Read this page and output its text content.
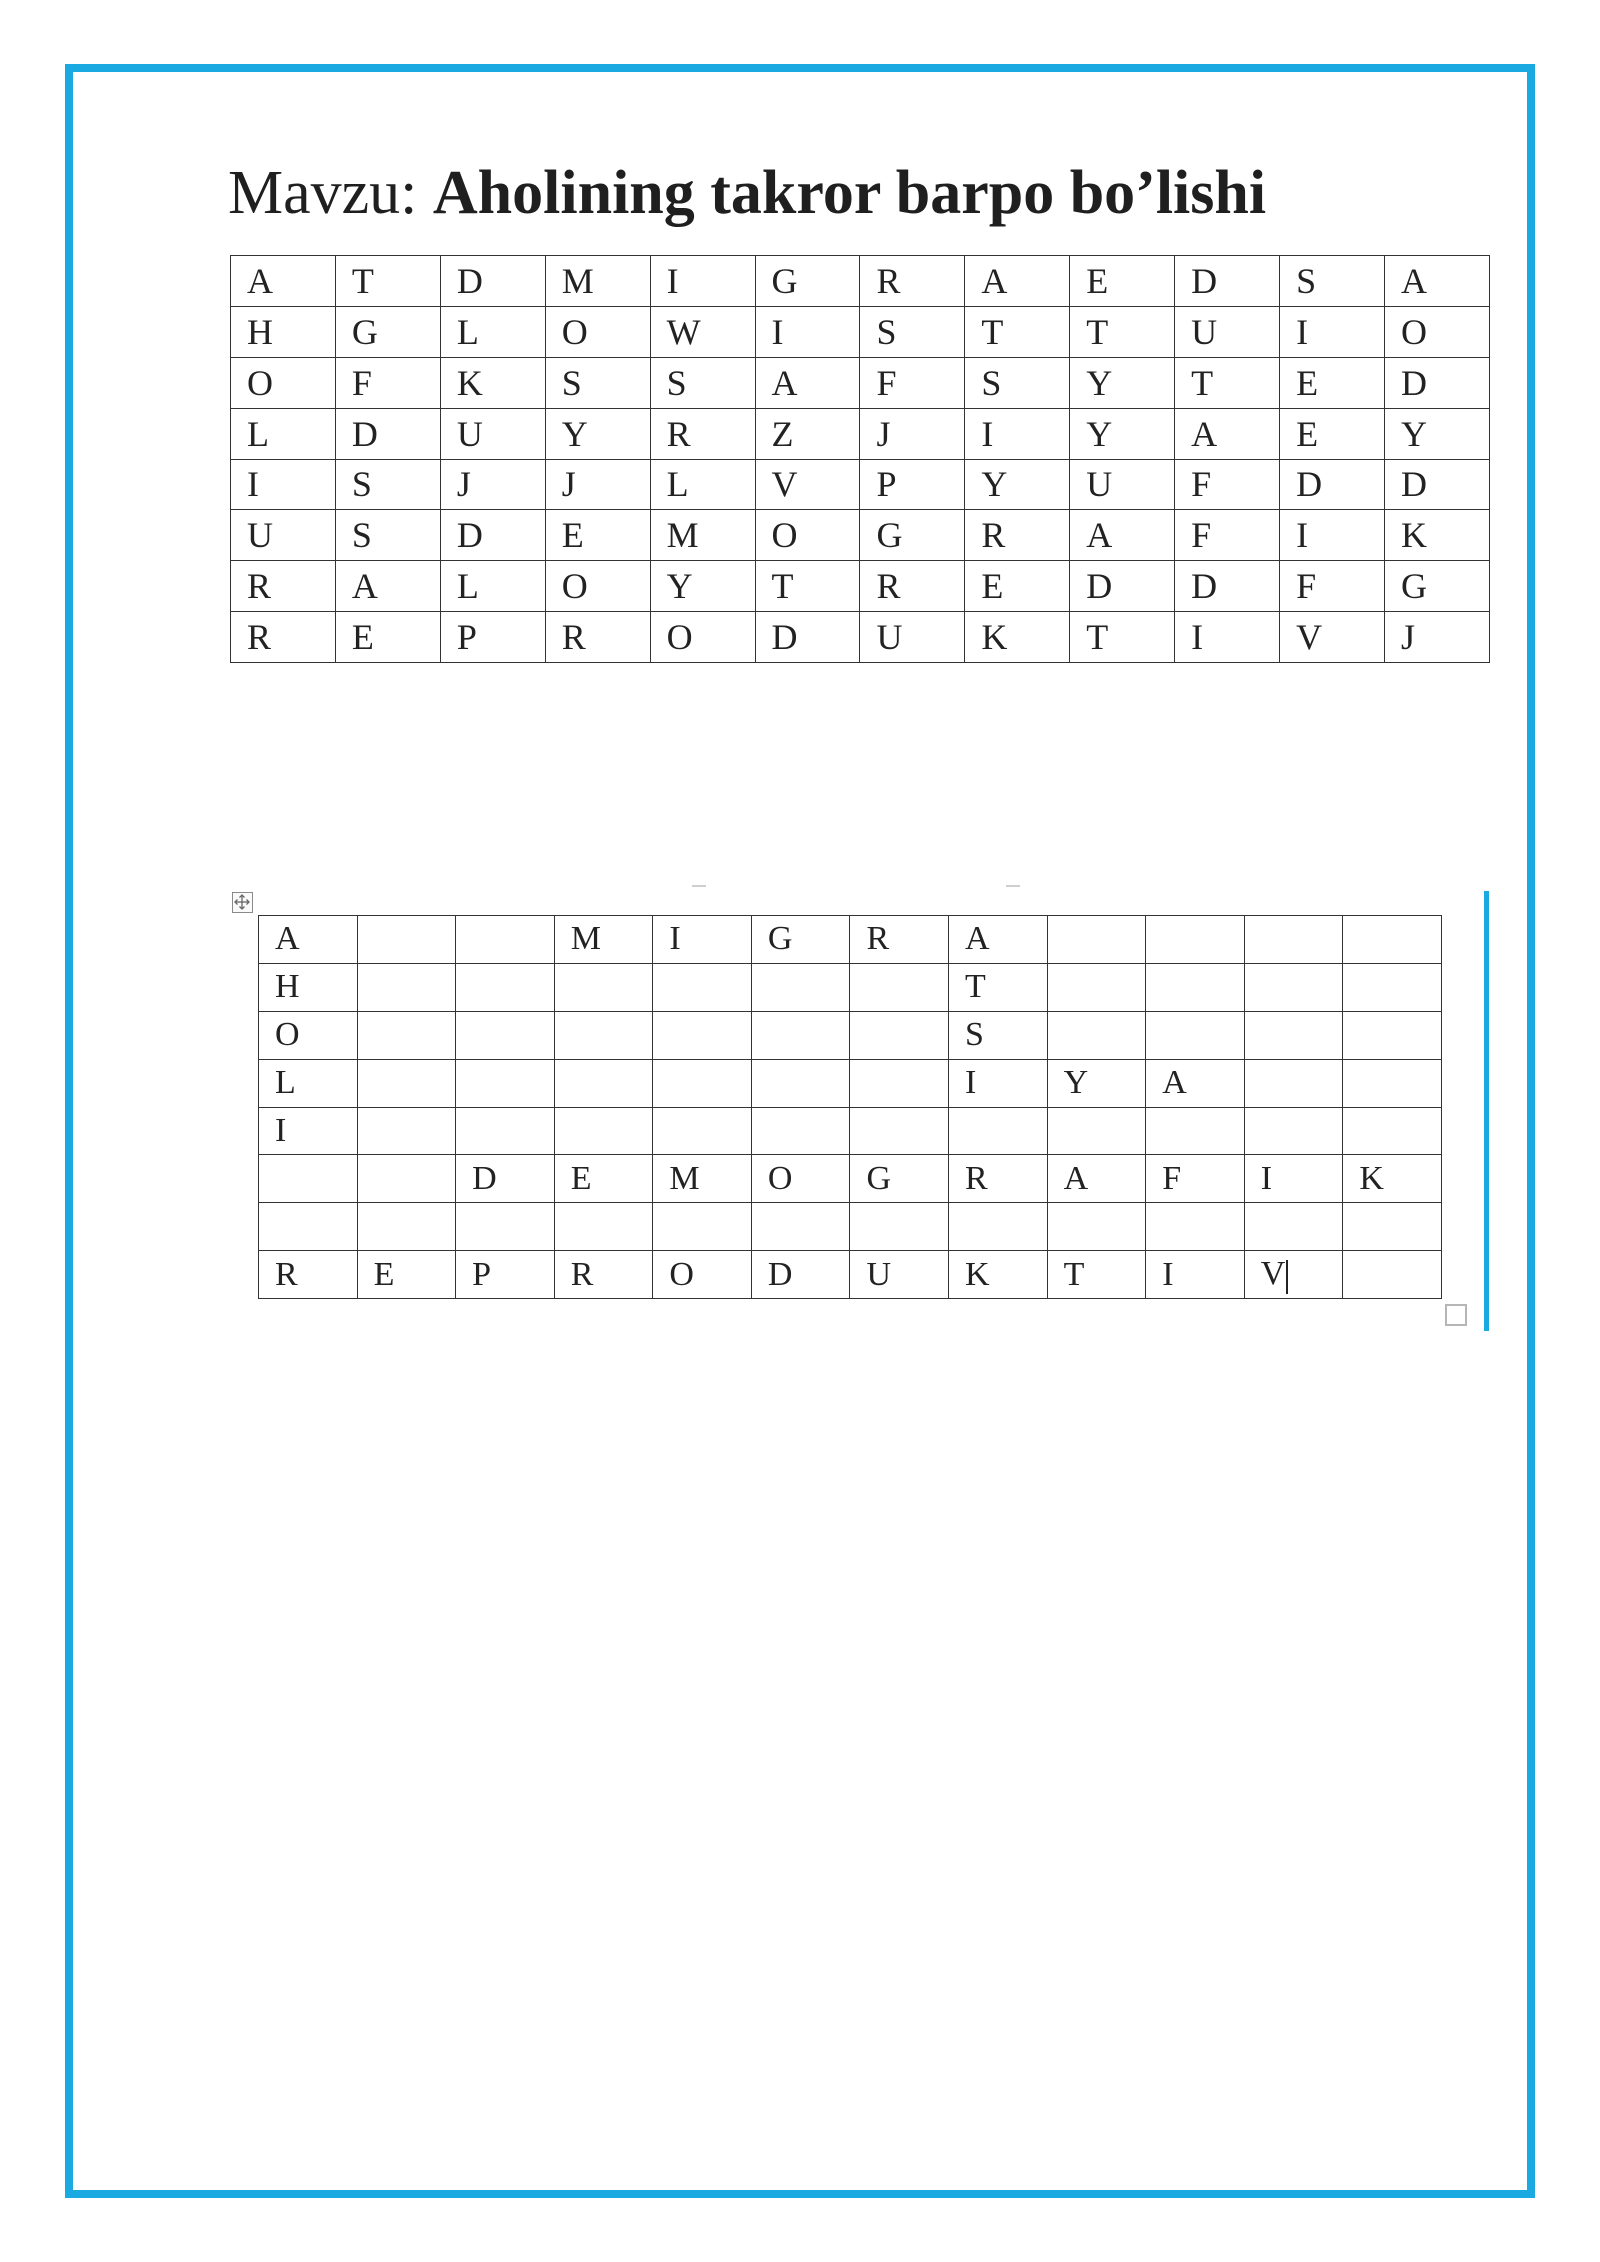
Mavzu: Aholining takror barpo bo’lishi
A	T	D	M	I	G	R	A	E	D	S	A
H	G	L	O	W	I	S	T	T	U	I	O
O	F	K	S	S	A	F	S	Y	T	E	D
L	D	U	Y	R	Z	J	I	Y	A	E	Y
I	S	J	J	L	V	P	Y	U	F	D	D
U	S	D	E	M	O	G	R	A	F	I	K
R	A	L	O	Y	T	R	E	D	D	F	G
R	E	P	R	O	D	U	K	T	I	V	J
A			M	I	G	R	A				
H							T				
O							S				
L							I	Y	A		
I											
		D	E	M	O	G	R	A	F	I	K

R	E	P	R	O	D	U	K	T	I	V	
